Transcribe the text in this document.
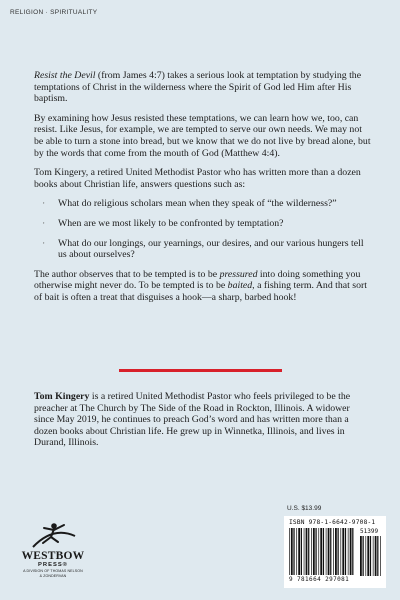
RELIGION · SPIRITUALITY

Resist the Devil (from James 4:7) takes a serious look at temptation by studying the temptations of Christ in the wilderness where the Spirit of God led Him after His baptism.

By examining how Jesus resisted these temptations, we can learn how we, too, can resist. Like Jesus, for example, we are tempted to serve our own needs. We may not be able to turn a stone into bread, but we know that we do not live by bread alone, but by the words that come from the mouth of God (Matthew 4:4).

Tom Kingery, a retired United Methodist Pastor who has written more than a dozen books about Christian life, answers questions such as:

· What do religious scholars mean when they speak of “the wilderness?”
· When are we most likely to be confronted by temptation?
· What do our longings, our yearnings, our desires, and our various hungers tell us about ourselves?

The author observes that to be tempted is to be pressured into doing something you otherwise might never do. To be tempted is to be baited, a fishing term. And that sort of bait is often a treat that disguises a hook—a sharp, barbed hook!

Tom Kingery is a retired United Methodist Pastor who feels privileged to be the preacher at The Church by The Side of the Road in Rockton, Illinois. A widower since May 2019, he continues to preach God’s word and has written more than a dozen books about Christian life. He grew up in Winnetka, Illinois, and lives in Durand, Illinois.

WESTBOW
PRESS®
A DIVISION OF THOMAS NELSON
& ZONDERVAN
U.S. $13.99
ISBN 978-1-6642-9708-1
51399
9 781664 297081
